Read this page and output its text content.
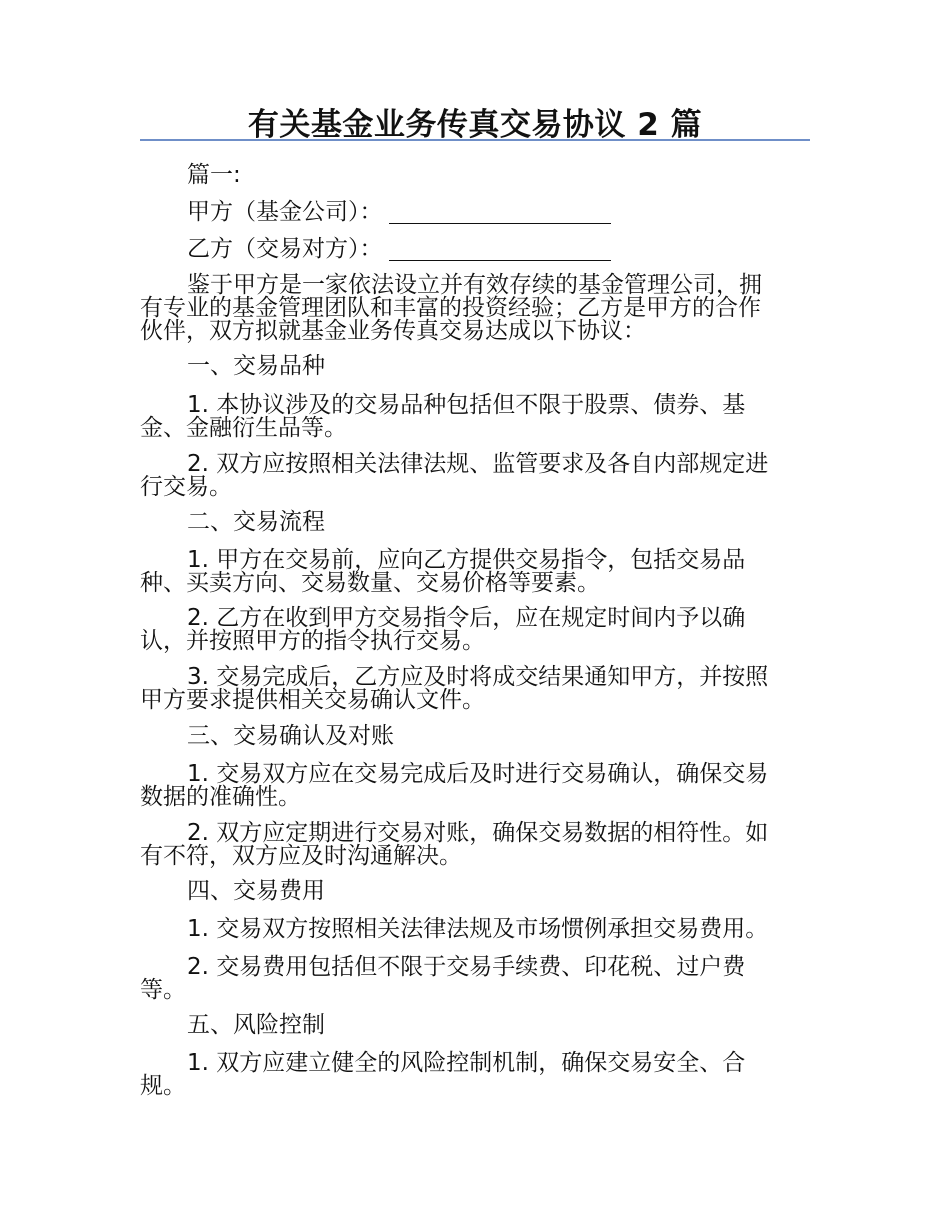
有关基金业务传真交易协议 2 篇
篇一:
甲方（基金公司）：
乙方（交易对方）：
鉴于甲方是一家依法设立并有效存续的基金管理公司，拥
有专业的基金管理团队和丰富的投资经验；乙方是甲方的合作
伙伴，双方拟就基金业务传真交易达成以下协议：
一、交易品种
1. 本协议涉及的交易品种包括但不限于股票、债券、基
金、金融衍生品等。
2. 双方应按照相关法律法规、监管要求及各自内部规定进
行交易。
二、交易流程
1. 甲方在交易前，应向乙方提供交易指令，包括交易品
种、买卖方向、交易数量、交易价格等要素。
2. 乙方在收到甲方交易指令后，应在规定时间内予以确
认，并按照甲方的指令执行交易。
3. 交易完成后，乙方应及时将成交结果通知甲方，并按照
甲方要求提供相关交易确认文件。
三、交易确认及对账
1. 交易双方应在交易完成后及时进行交易确认，确保交易
数据的准确性。
2. 双方应定期进行交易对账，确保交易数据的相符性。如
有不符，双方应及时沟通解决。
四、交易费用
1. 交易双方按照相关法律法规及市场惯例承担交易费用。
2. 交易费用包括但不限于交易手续费、印花税、过户费
等。
五、风险控制
1. 双方应建立健全的风险控制机制，确保交易安全、合
规。
